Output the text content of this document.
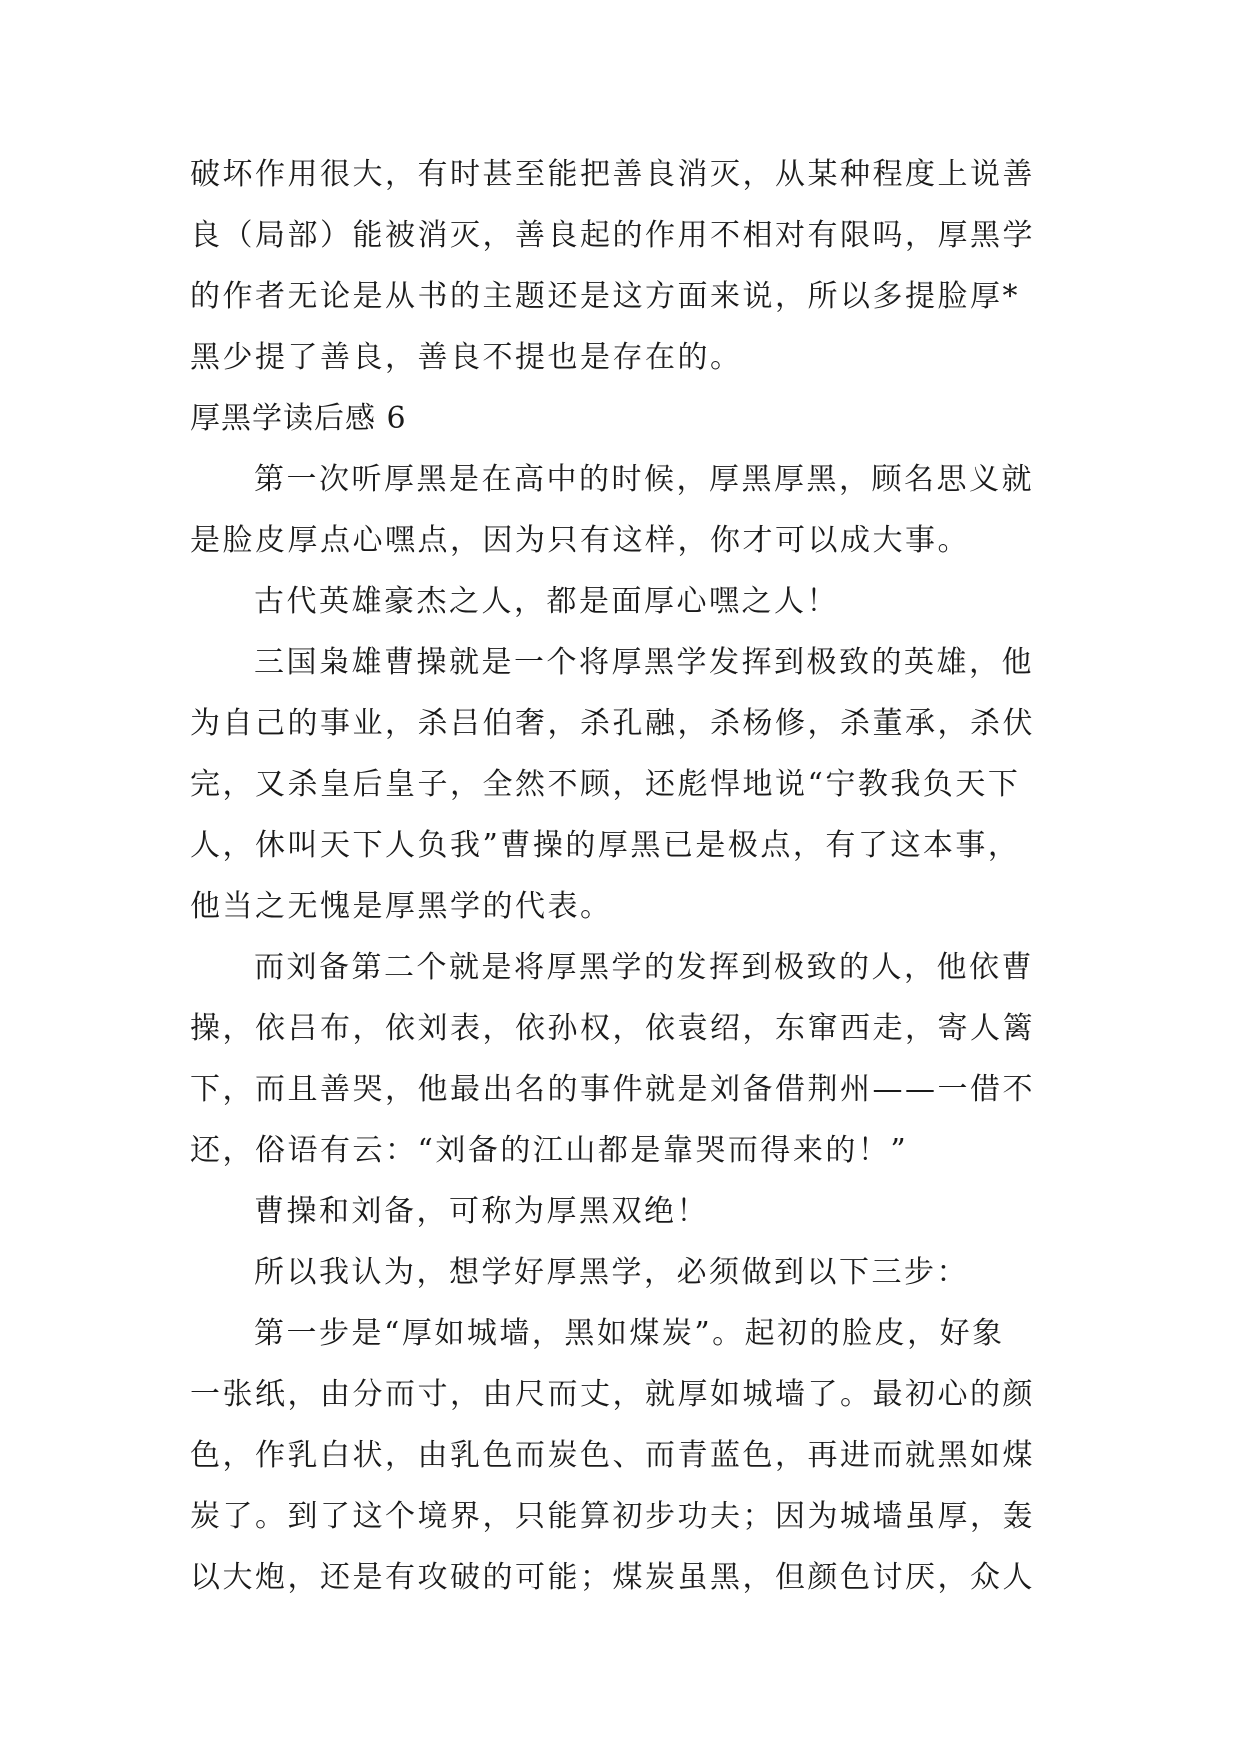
破坏作用很大，有时甚至能把善良消灭，从某种程度上说善
良（局部）能被消灭，善良起的作用不相对有限吗，厚黑学
的作者无论是从书的主题还是这方面来说，所以多提脸厚*
黑少提了善良，善良不提也是存在的。
厚黑学读后感 6
第一次听厚黑是在高中的时候，厚黑厚黑，顾名思义就
是脸皮厚点心嘿点，因为只有这样，你才可以成大事。
古代英雄豪杰之人，都是面厚心嘿之人！
三国枭雄曹操就是一个将厚黑学发挥到极致的英雄，他
为自己的事业，杀吕伯奢，杀孔融，杀杨修，杀董承，杀伏
完，又杀皇后皇子，全然不顾，还彪悍地说“宁教我负天下
人，休叫天下人负我”曹操的厚黑已是极点，有了这本事，
他当之无愧是厚黑学的代表。
而刘备第二个就是将厚黑学的发挥到极致的人，他依曹
操，依吕布，依刘表，依孙权，依袁绍，东窜西走，寄人篱
下，而且善哭，他最出名的事件就是刘备借荆州——一借不
还，俗语有云：“刘备的江山都是靠哭而得来的！”
曹操和刘备，可称为厚黑双绝！
所以我认为，想学好厚黑学，必须做到以下三步：
第一步是“厚如城墙，黑如煤炭”。起初的脸皮，好象
一张纸，由分而寸，由尺而丈，就厚如城墙了。最初心的颜
色，作乳白状，由乳色而炭色、而青蓝色，再进而就黑如煤
炭了。到了这个境界，只能算初步功夫；因为城墙虽厚，轰
以大炮，还是有攻破的可能；煤炭虽黑，但颜色讨厌，众人
